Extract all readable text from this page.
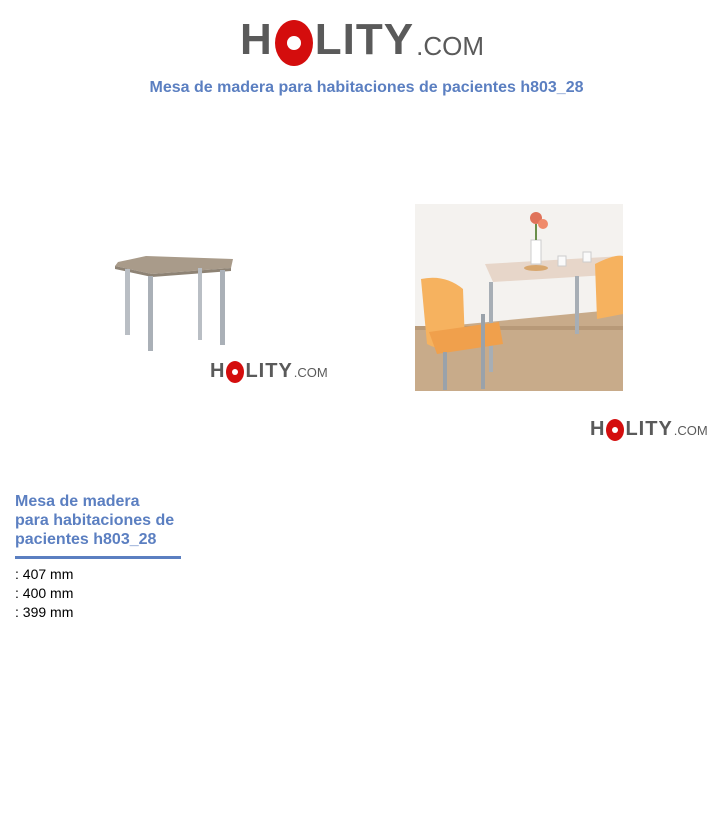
H LITY .COM
Mesa de madera para habitaciones de pacientes h803_28
H LITY .COM
H LITY .COM
Mesa de madera
para habitaciones de
pacientes h803_28
: 407 mm
: 400 mm
: 399 mm
